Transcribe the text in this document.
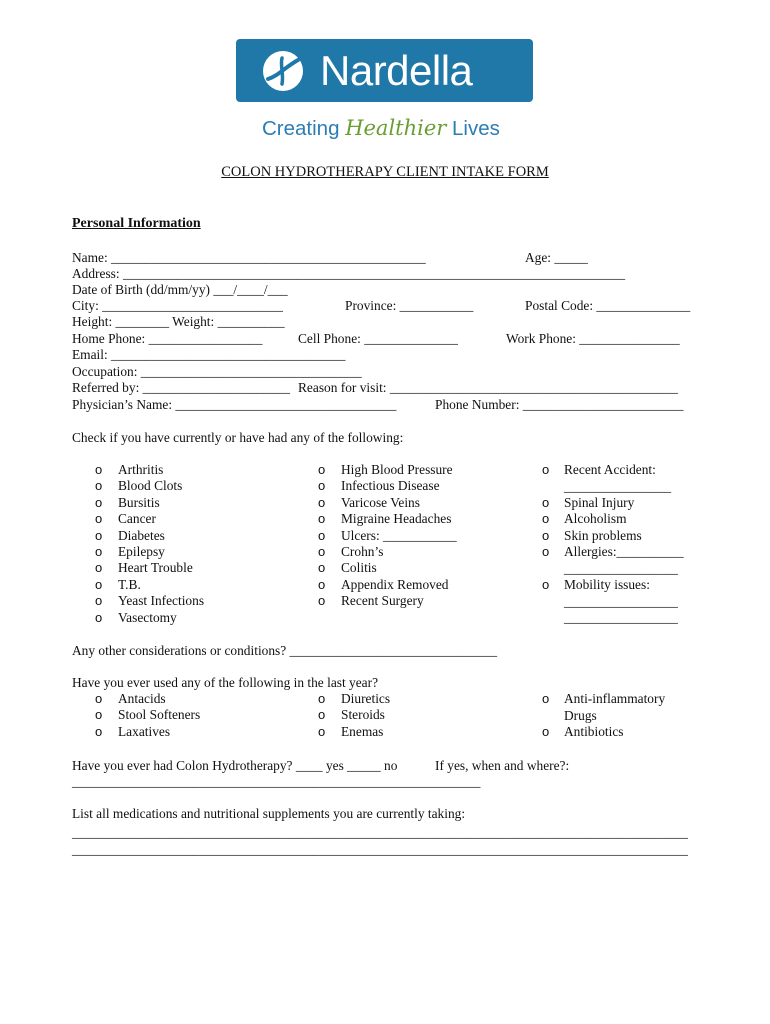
Nardella
Creating Healthier Lives
COLON HYDROTHERAPY CLIENT INTAKE FORM
Personal Information
Name: _______________________________________________	Age: _____
Address: ___________________________________________________________________________
Date of Birth (dd/mm/yy) ___/____/___
City: ___________________________	Province: ___________	Postal Code: ______________
Height: ________ Weight: __________
Home Phone: _________________	Cell Phone: ______________	Work Phone: _______________
Email: ___________________________________
Occupation: _________________________________
Referred by: ______________________ Reason for visit: ___________________________________________
Physician’s Name: _________________________________	Phone Number: ________________________
Check if you have currently or have had any of the following:
o Arthritis
o Blood Clots
o Bursitis
o Cancer
o Diabetes
o Epilepsy
o Heart Trouble
o T.B.
o Yeast Infections
o Vasectomy
o High Blood Pressure
o Infectious Disease
o Varicose Veins
o Migraine Headaches
o Ulcers: ___________
o Crohn’s
o Colitis
o Appendix Removed
o Recent Surgery
o Recent Accident:
________________
o Spinal Injury
o Alcoholism
o Skin problems
o Allergies:__________
_________________
o Mobility issues:
_________________
_________________
Any other considerations or conditions? _______________________________
Have you ever used any of the following in the last year?
o Antacids
o Stool Softeners
o Laxatives
o Diuretics
o Steroids
o Enemas
o Anti-inflammatory
Drugs
o Antibiotics
Have you ever had Colon Hydrotherapy? ____ yes _____ no	If yes, when and where?:
_____________________________________________________________
List all medications and nutritional supplements you are currently taking:
____________________________________________________________________________________________
____________________________________________________________________________________________
